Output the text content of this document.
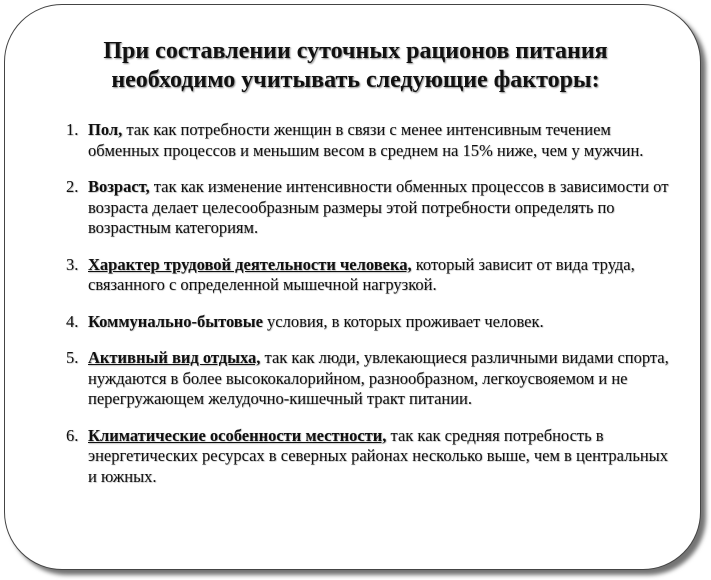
При составлении суточных рационов питания
необходимо учитывать следующие факторы:
1. Пол, так как потребности женщин в связи с менее интенсивным течением обменных процессов и меньшим весом в среднем на 15% ниже, чем у мужчин.
2. Возраст, так как изменение интенсивности обменных процессов в зависимости от возраста делает целесообразным размеры этой потребности определять по возрастным категориям.
3. Характер трудовой деятельности человека, который зависит от вида труда, связанного с определенной мышечной нагрузкой.
4. Коммунально-бытовые условия, в которых проживает человек.
5. Активный вид отдыха, так как люди, увлекающиеся различными видами спорта, нуждаются в более высококалорийном, разнообразном, легкоусвояемом и не перегружающем желудочно-кишечный тракт питании.
6. Климатические особенности местности, так как средняя потребность в энергетических ресурсах в северных районах несколько выше, чем в центральных и южных.
